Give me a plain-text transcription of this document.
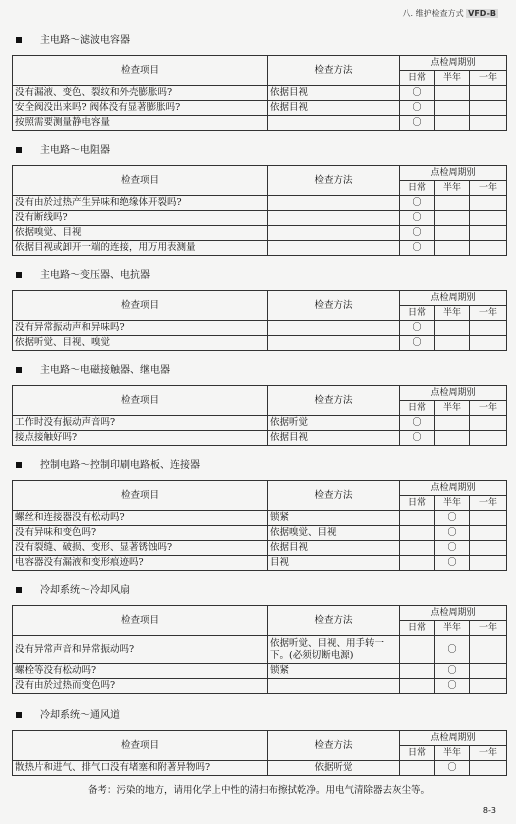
八. 维护检查方式 VFD-B
主电路～滤波电容器
检查项目	检查方法	点检周期别		
		日常	半年	一年
没有漏液、变色、裂纹和外壳膨胀吗?	依据目视	〇		
安全阀没出来吗? 阀体没有显著膨胀吗?	依据目视	〇		
按照需要测量静电容量		〇		
主电路～电阻器
检查项目	检查方法	点检周期别		
		日常	半年	一年
没有由於过热产生异味和绝缘体开裂吗?		〇		
没有断线吗?		〇		
依据嗅觉、目视		〇		
依据目视或卸开一端的连接，用万用表测量		〇		
主电路～变压器、电抗器
检查项目	检查方法	点检周期别		
		日常	半年	一年
没有异常振动声和异味吗?		〇		
依据听觉、目视、嗅觉		〇		
主电路～电磁接触器、继电器
检查项目	检查方法	点检周期别		
		日常	半年	一年
工作时没有振动声音吗?	依据听觉	〇		
接点接触好吗?	依据目视	〇		
控制电路～控制印刷电路板、连接器
检查项目	检查方法	点检周期别		
		日常	半年	一年
螺丝和连接器没有松动吗?	锁紧		〇	
没有异味和变色吗?	依据嗅觉、目视		〇	
没有裂缝、破损、变形、显著锈蚀吗?	依据目视		〇	
电容器没有漏液和变形痕迹吗?	目视		〇	
冷却系统～冷却风扇
检查项目	检查方法	点检周期别		
		日常	半年	一年
没有异常声音和异常振动吗?	依据听觉、目视、用手转一下。(必须切断电源)		〇	
螺栓等没有松动吗?	锁紧		〇	
没有由於过热而变色吗?			〇	
冷却系统～通风道
检查项目	检查方法	点检周期别		
		日常	半年	一年
散热片和进气、排气口没有堵塞和附著异物吗?	依据听觉		〇	
备考：污染的地方，请用化学上中性的清扫布擦拭乾净。用电气清除器去灰尘等。
8-3
